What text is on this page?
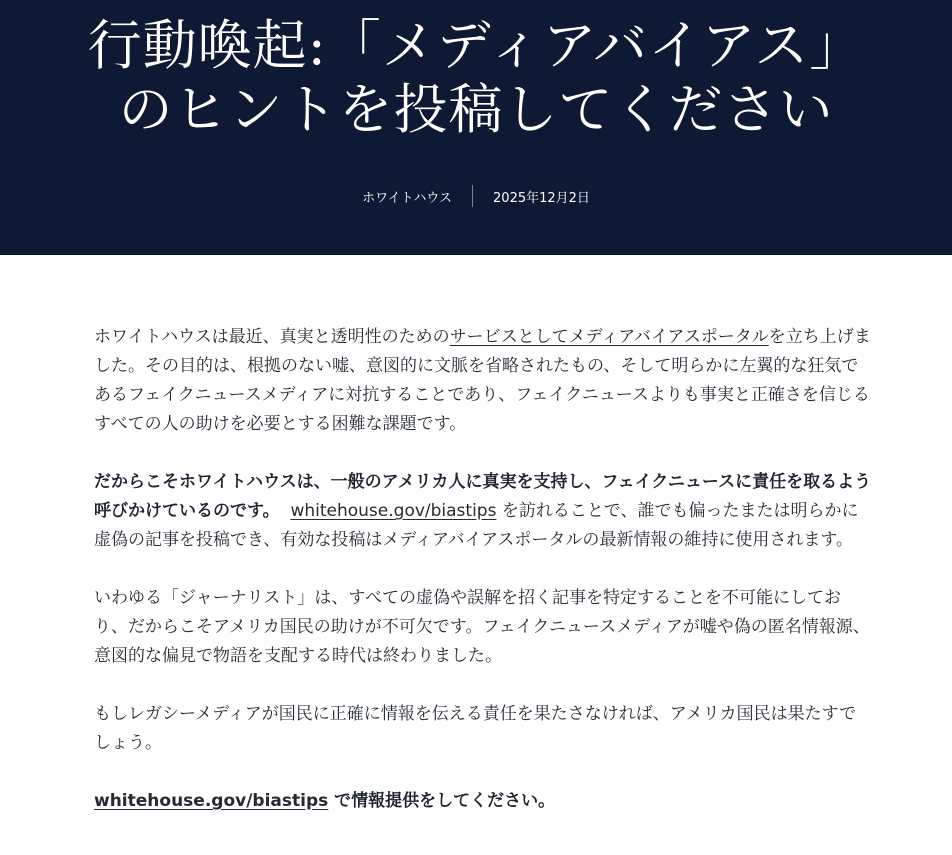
行動喚起:「メディアバイアス」
のヒントを投稿してください
ホワイトハウス	2025年12月2日

ホワイトハウスは最近、真実と透明性のためのサービスとしてメディアバイアスポータルを立ち上げました。その目的は、根拠のない嘘、意図的に文脈を省略されたもの、そして明らかに左翼的な狂気であるフェイクニュースメディアに対抗することであり、フェイクニュースよりも事実と正確さを信じるすべての人の助けを必要とする困難な課題です。

だからこそホワイトハウスは、一般のアメリカ人に真実を支持し、フェイクニュースに責任を取るよう呼びかけているのです。 whitehouse.gov/biastips を訪れることで、誰でも偏ったまたは明らかに虚偽の記事を投稿でき、有効な投稿はメディアバイアスポータルの最新情報の維持に使用されます。

いわゆる「ジャーナリスト」は、すべての虚偽や誤解を招く記事を特定することを不可能にしており、だからこそアメリカ国民の助けが不可欠です。フェイクニュースメディアが嘘や偽の匿名情報源、意図的な偏見で物語を支配する時代は終わりました。

もしレガシーメディアが国民に正確に情報を伝える責任を果たさなければ、アメリカ国民は果たすでしょう。

whitehouse.gov/biastips で情報提供をしてください。
